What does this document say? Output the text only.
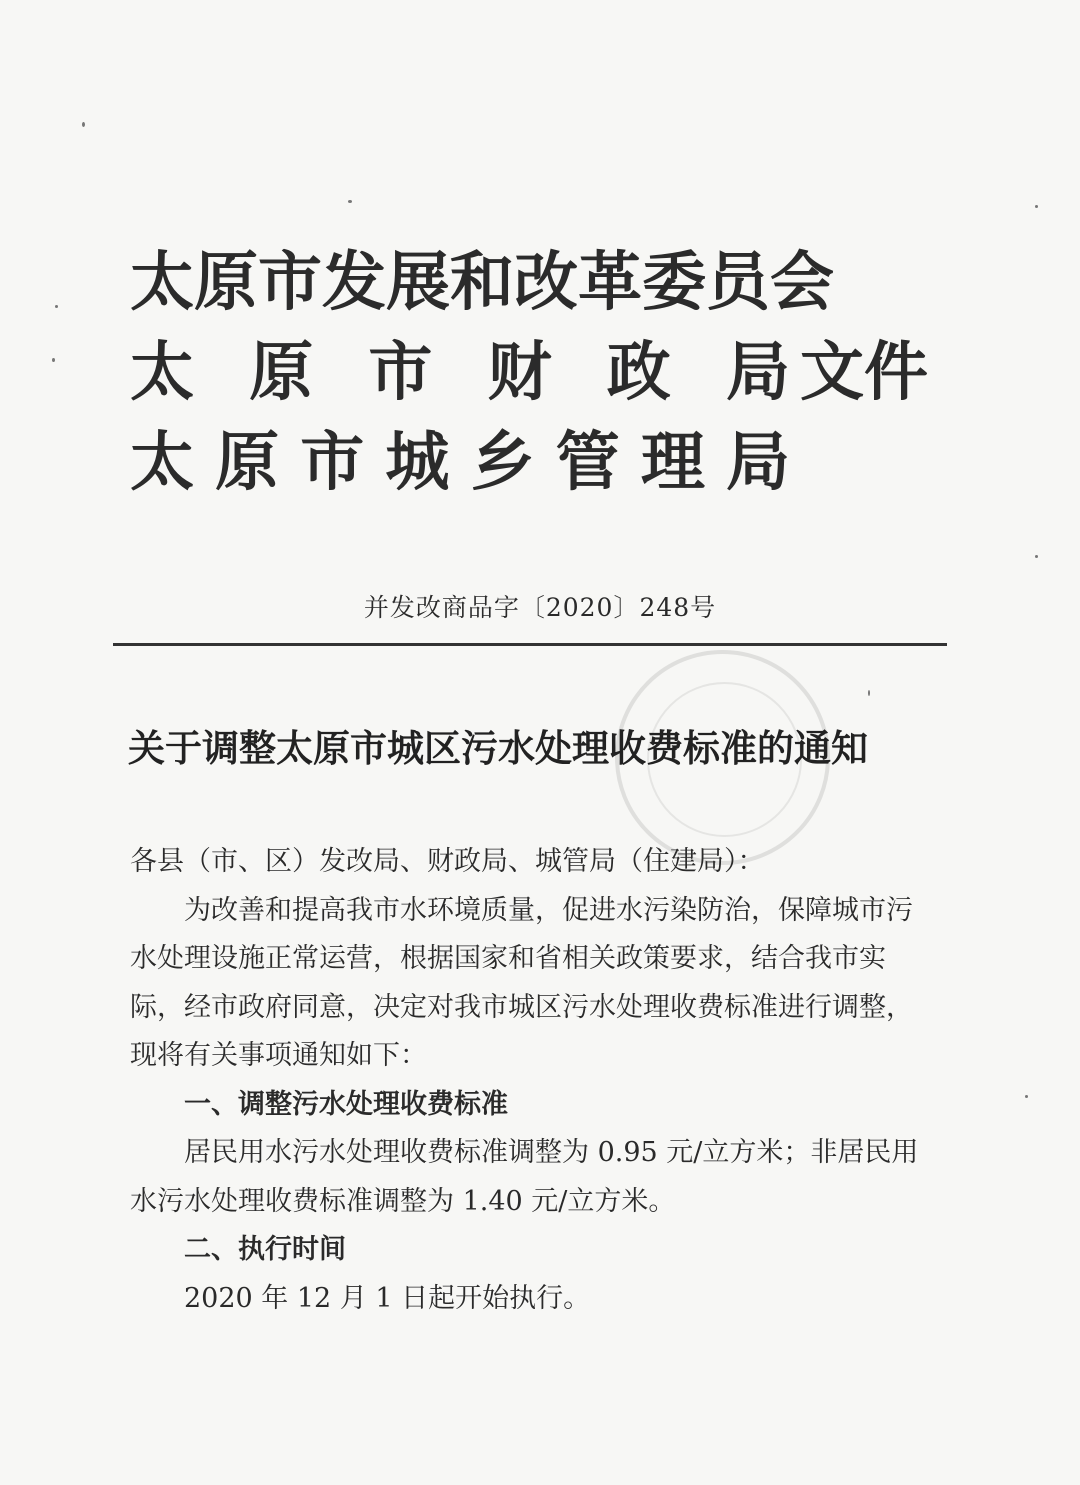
太原市发展和改革委员会
太 原 市 财 政 局
太 原 市 城 乡 管 理 局
文件
并发改商品字〔2020〕248号
关于调整太原市城区污水处理收费标准的通知

各县（市、区）发改局、财政局、城管局（住建局）：

为改善和提高我市水环境质量，促进水污染防治，保障城市污水处理设施正常运营，根据国家和省相关政策要求，结合我市实际，经市政府同意，决定对我市城区污水处理收费标准进行调整，现将有关事项通知如下：

一、调整污水处理收费标准

居民用水污水处理收费标准调整为 0.95 元/立方米；非居民用水污水处理收费标准调整为 1.40 元/立方米。

二、执行时间

2020 年 12 月 1 日起开始执行。
